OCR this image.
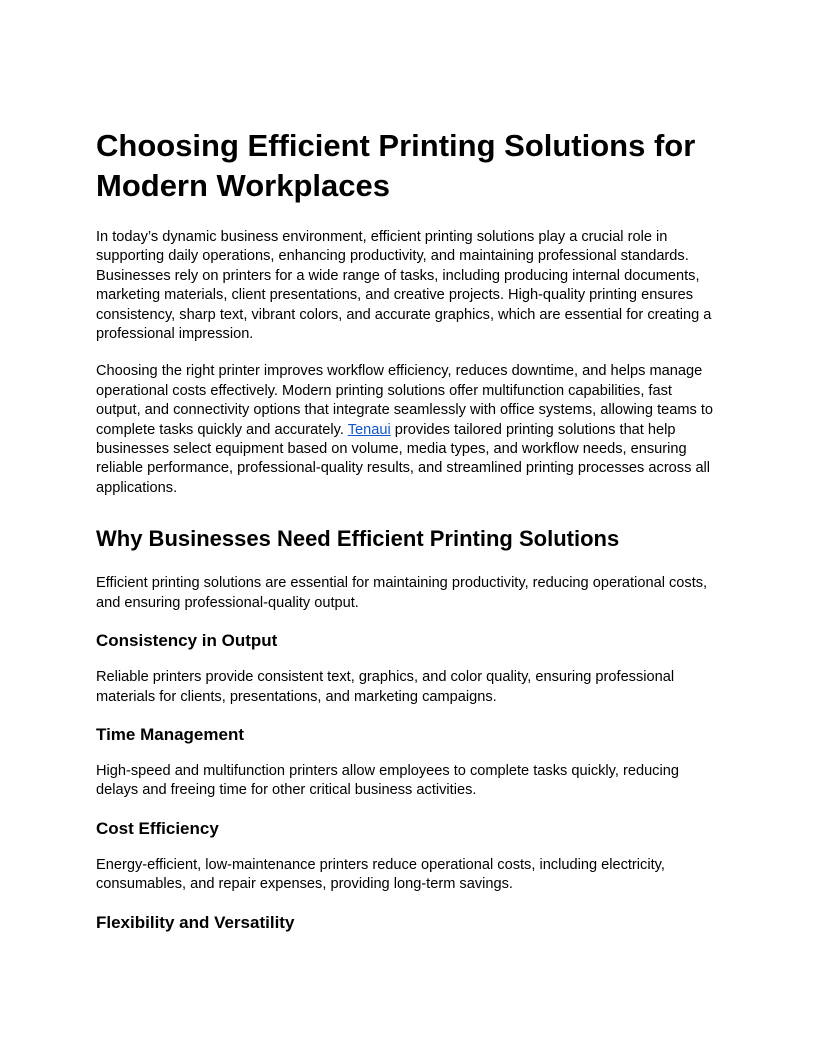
Choosing Efficient Printing Solutions for Modern Workplaces

In today’s dynamic business environment, efficient printing solutions play a crucial role in supporting daily operations, enhancing productivity, and maintaining professional standards. Businesses rely on printers for a wide range of tasks, including producing internal documents, marketing materials, client presentations, and creative projects. High-quality printing ensures consistency, sharp text, vibrant colors, and accurate graphics, which are essential for creating a professional impression.

Choosing the right printer improves workflow efficiency, reduces downtime, and helps manage operational costs effectively. Modern printing solutions offer multifunction capabilities, fast output, and connectivity options that integrate seamlessly with office systems, allowing teams to complete tasks quickly and accurately. Tenaui provides tailored printing solutions that help businesses select equipment based on volume, media types, and workflow needs, ensuring reliable performance, professional-quality results, and streamlined printing processes across all applications.

Why Businesses Need Efficient Printing Solutions

Efficient printing solutions are essential for maintaining productivity, reducing operational costs, and ensuring professional-quality output.

Consistency in Output

Reliable printers provide consistent text, graphics, and color quality, ensuring professional materials for clients, presentations, and marketing campaigns.

Time Management

High-speed and multifunction printers allow employees to complete tasks quickly, reducing delays and freeing time for other critical business activities.

Cost Efficiency

Energy-efficient, low-maintenance printers reduce operational costs, including electricity, consumables, and repair expenses, providing long-term savings.

Flexibility and Versatility
